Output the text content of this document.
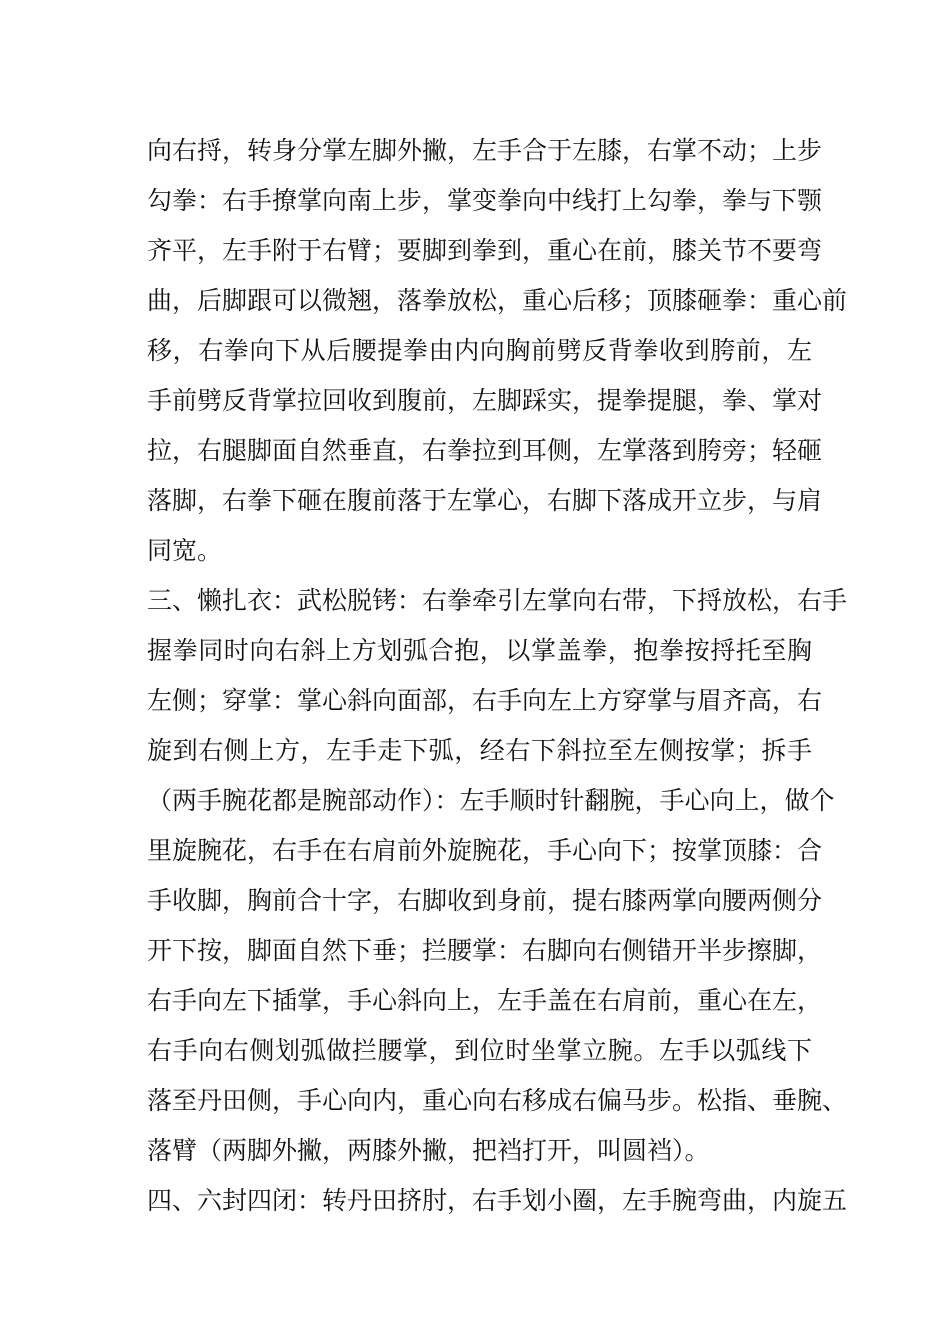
向右捋，转身分掌左脚外撇，左手合于左膝，右掌不动；上步
勾拳：右手撩掌向南上步，掌变拳向中线打上勾拳，拳与下颚
齐平，左手附于右臂；要脚到拳到，重心在前，膝关节不要弯
曲，后脚跟可以微翘，落拳放松，重心后移；顶膝砸拳：重心前
移，右拳向下从后腰提拳由内向胸前劈反背拳收到胯前，左
手前劈反背掌拉回收到腹前，左脚踩实，提拳提腿，拳、掌对
拉，右腿脚面自然垂直，右拳拉到耳侧，左掌落到胯旁；轻砸
落脚，右拳下砸在腹前落于左掌心，右脚下落成开立步，与肩
同宽。
三、懒扎衣：武松脱铐：右拳牵引左掌向右带，下捋放松，右手
握拳同时向右斜上方划弧合抱，以掌盖拳，抱拳按捋托至胸
左侧；穿掌：掌心斜向面部，右手向左上方穿掌与眉齐高，右
旋到右侧上方，左手走下弧，经右下斜拉至左侧按掌；拆手
（两手腕花都是腕部动作）：左手顺时针翻腕，手心向上，做个
里旋腕花，右手在右肩前外旋腕花，手心向下；按掌顶膝：合
手收脚，胸前合十字，右脚收到身前，提右膝两掌向腰两侧分
开下按，脚面自然下垂；拦腰掌：右脚向右侧错开半步擦脚，
右手向左下插掌，手心斜向上，左手盖在右肩前，重心在左，
右手向右侧划弧做拦腰掌，到位时坐掌立腕。左手以弧线下
落至丹田侧，手心向内，重心向右移成右偏马步。松指、垂腕、
落臂（两脚外撇，两膝外撇，把裆打开，叫圆裆）。
四、六封四闭：转丹田挤肘，右手划小圈，左手腕弯曲，内旋五
